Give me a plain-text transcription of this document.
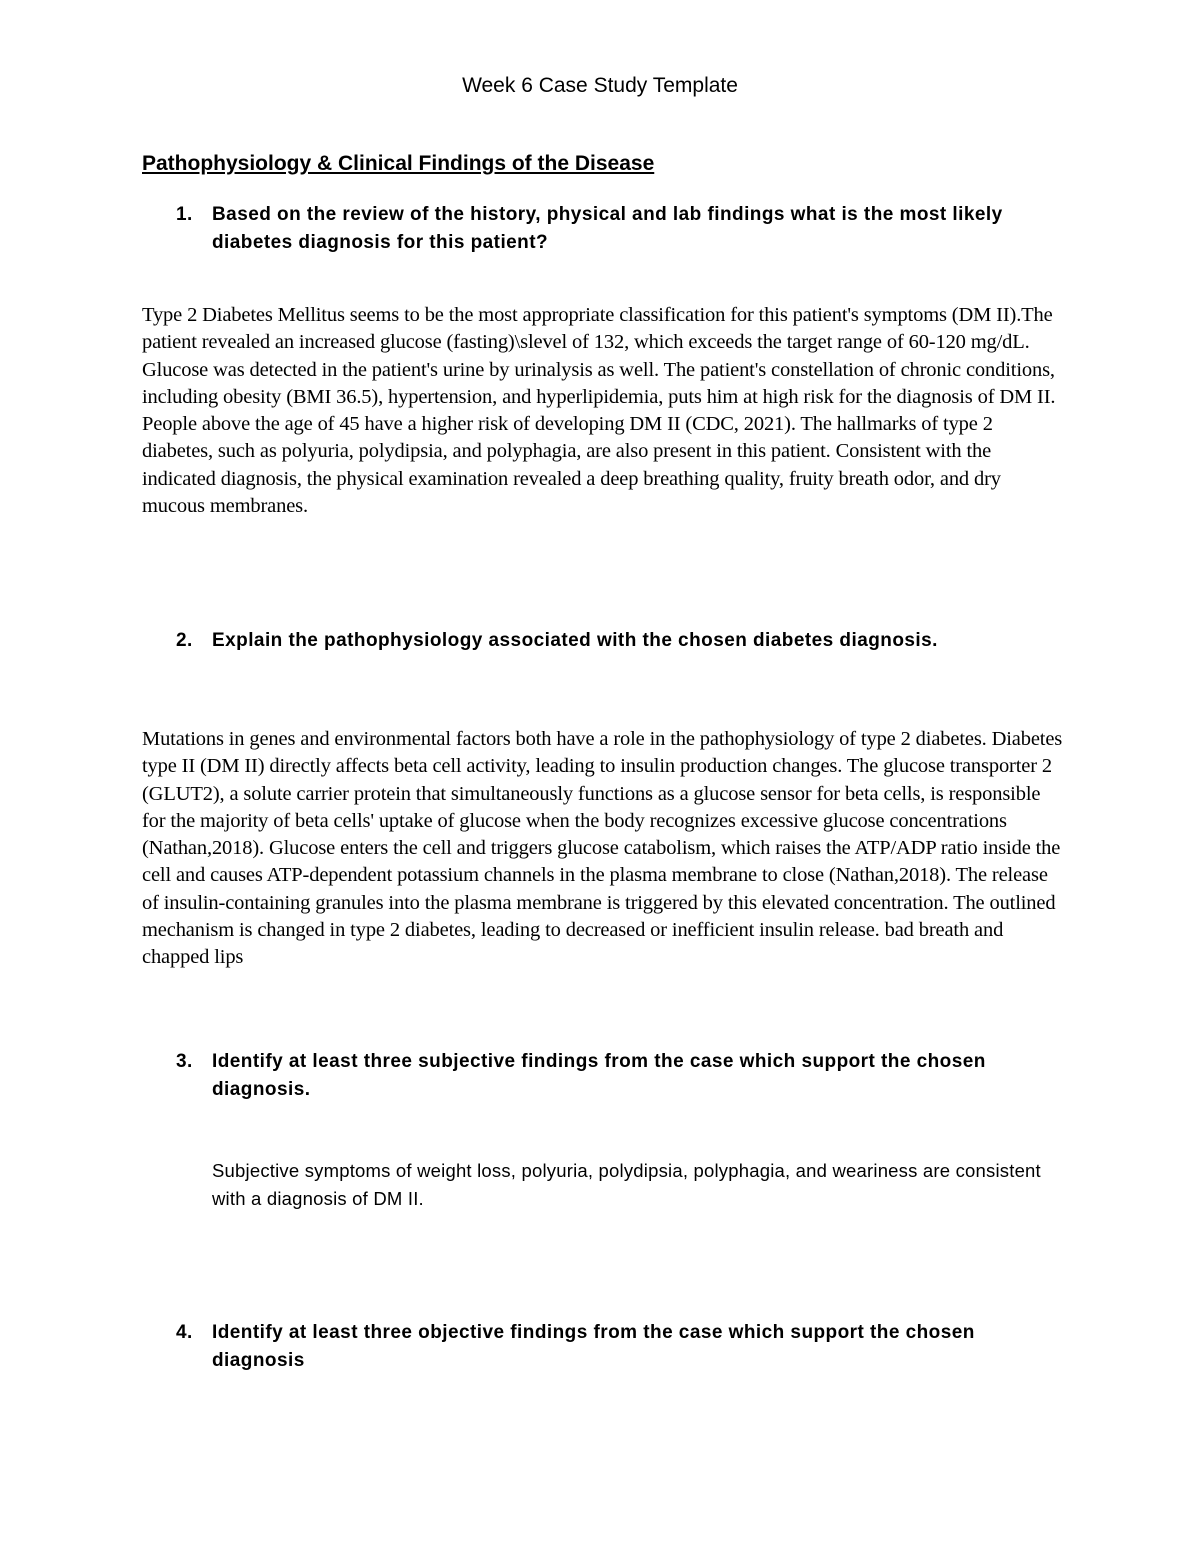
Week 6 Case Study Template
Pathophysiology & Clinical Findings of the Disease
1. Based on the review of the history, physical and lab findings what is the most likely diabetes diagnosis for this patient?

Type 2 Diabetes Mellitus seems to be the most appropriate classification for this patient's symptoms (DM II).The patient revealed an increased glucose (fasting)\slevel of 132, which exceeds the target range of 60-120 mg/dL. Glucose was detected in the patient's urine by urinalysis as well. The patient's constellation of chronic conditions, including obesity (BMI 36.5), hypertension, and hyperlipidemia, puts him at high risk for the diagnosis of DM II. People above the age of 45 have a higher risk of developing DM II (CDC, 2021). The hallmarks of type 2 diabetes, such as polyuria, polydipsia, and polyphagia, are also present in this patient. Consistent with the indicated diagnosis, the physical examination revealed a deep breathing quality, fruity breath odor, and dry mucous membranes.

2. Explain the pathophysiology associated with the chosen diabetes diagnosis.

Mutations in genes and environmental factors both have a role in the pathophysiology of type 2 diabetes. Diabetes type II (DM II) directly affects beta cell activity, leading to insulin production changes. The glucose transporter 2 (GLUT2), a solute carrier protein that simultaneously functions as a glucose sensor for beta cells, is responsible for the majority of beta cells' uptake of glucose when the body recognizes excessive glucose concentrations (Nathan,2018). Glucose enters the cell and triggers glucose catabolism, which raises the ATP/ADP ratio inside the cell and causes ATP-dependent potassium channels in the plasma membrane to close (Nathan,2018). The release of insulin-containing granules into the plasma membrane is triggered by this elevated concentration. The outlined mechanism is changed in type 2 diabetes, leading to decreased or inefficient insulin release. bad breath and chapped lips

3. Identify at least three subjective findings from the case which support the chosen diagnosis.

Subjective symptoms of weight loss, polyuria, polydipsia, polyphagia, and weariness are consistent with a diagnosis of DM II.

4. Identify at least three objective findings from the case which support the chosen diagnosis
